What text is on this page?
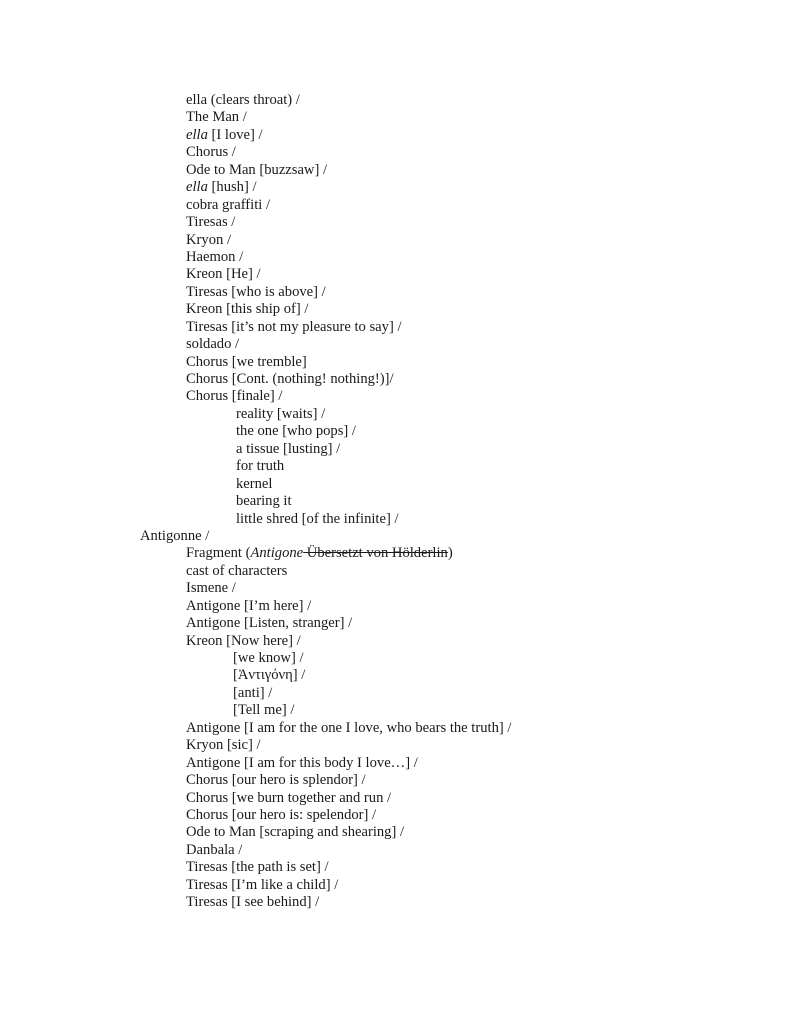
ella (clears throat) /
The Man /
ella [I love] /
Chorus /
Ode to Man [buzzsaw] /
ella [hush] /
cobra graffiti /
Tiresas /
Kryon /
Haemon /
Kreon [He] /
Tiresas [who is above] /
Kreon [this ship of] /
Tiresas [it’s not my pleasure to say] /
soldado /
Chorus [we tremble]
Chorus [Cont. (nothing! nothing!)]/
Chorus [finale] /
reality [waits] /
the one [who pops] /
a tissue [lusting] /
for truth
kernel
bearing it
little shred [of the infinite] /
Antigonne /
Fragment (Antigone Übersetzt von Hölderlin)
cast of characters
Ismene /
Antigone [I’m here] /
Antigone [Listen, stranger] /
Kreon [Now here] /
[we know] /
[Ἀντιγόνη] /
[anti] /
[Tell me] /
Antigone [I am for the one I love, who bears the truth] /
Kryon [sic] /
Antigone [I am for this body I love…] /
Chorus [our hero is splendor] /
Chorus [we burn together and run /
Chorus [our hero is: spelendor] /
Ode to Man [scraping and shearing] /
Danbala /
Tiresas [the path is set] /
Tiresas [I’m like a child] /
Tiresas [I see behind] /
